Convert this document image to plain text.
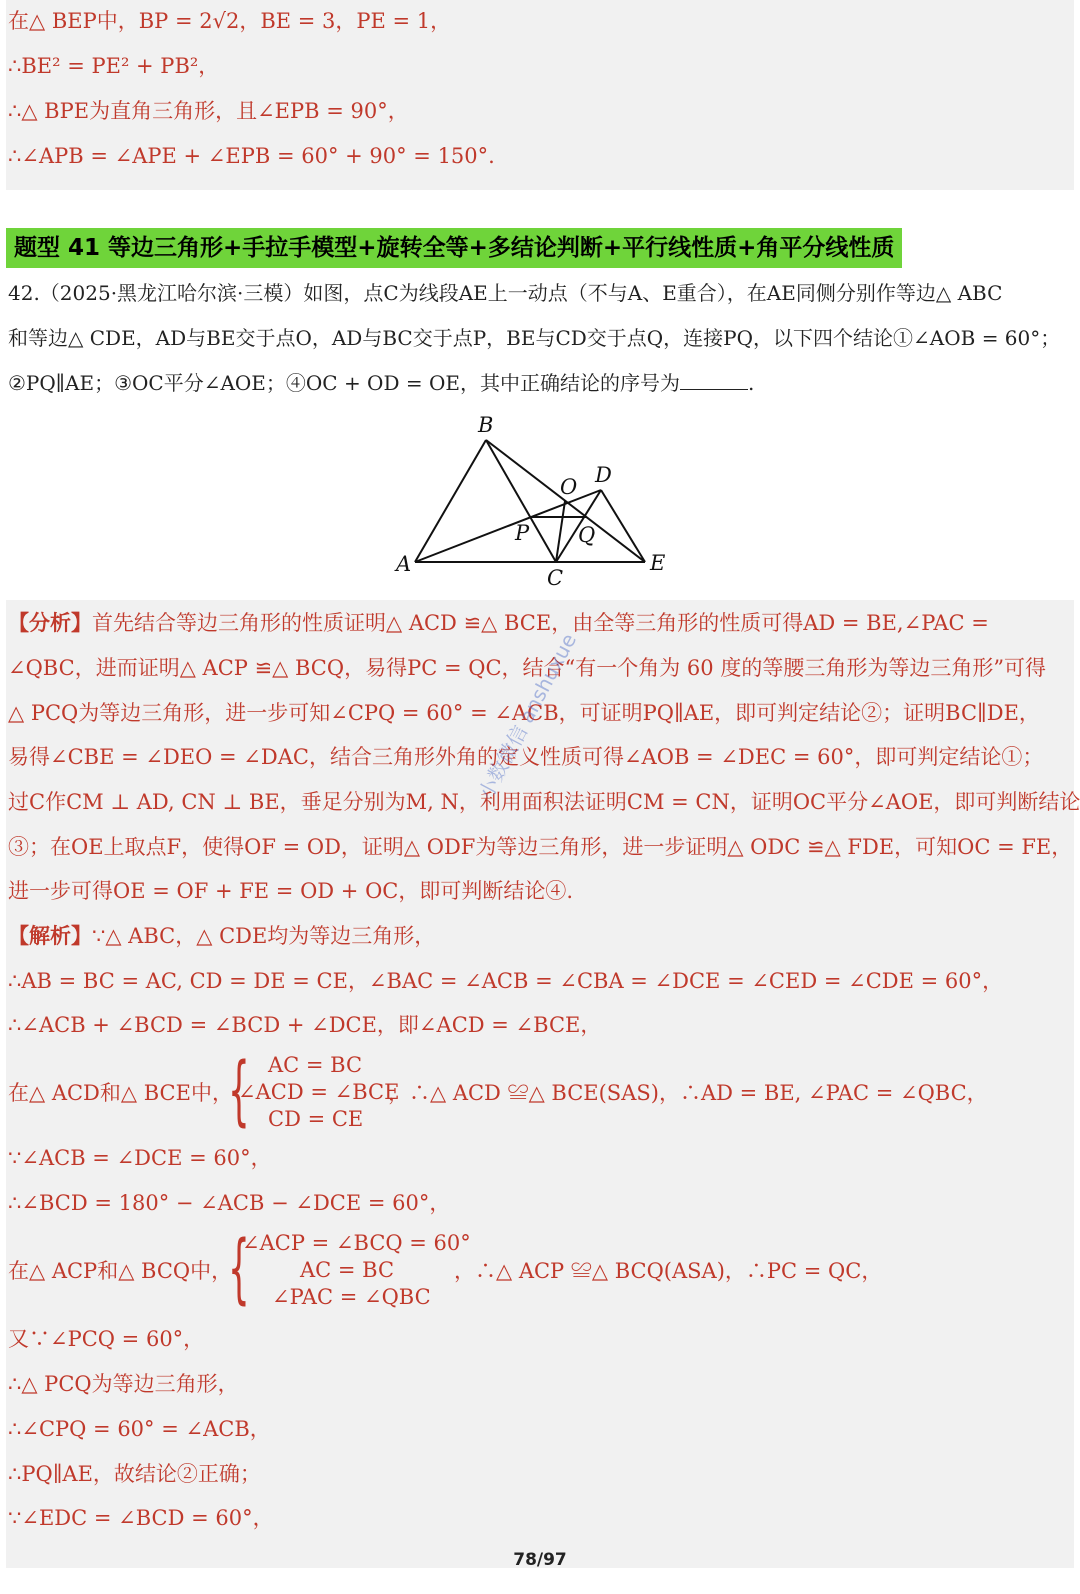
在△ BEP中，BP = 2√2，BE = 3，PE = 1，
∴BE² = PE² + PB²，
∴△ BPE为直角三角形，且∠EPB = 90°，
∴∠APB = ∠APE + ∠EPB = 60° + 90° = 150°.
题型 41 等边三角形+手拉手模型+旋转全等+多结论判断+平行线性质+角平分线性质
42.（2025·黑龙江哈尔滨·三模）如图，点C为线段AE上一动点（不与A、E重合），在AE同侧分别作等边△ ABC
和等边△ CDE，AD与BE交于点O，AD与BC交于点P，BE与CD交于点Q，连接PQ，以下四个结论①∠AOB = 60°；
②PQ∥AE；③OC平分∠AOE；④OC + OD = OE，其中正确结论的序号为	.
B
A
C
D
E
O
P Q
【分析】首先结合等边三角形的性质证明△ ACD ≌△ BCE，由全等三角形的性质可得AD = BE,∠PAC =
∠QBC，进而证明△ ACP ≌△ BCQ，易得PC = QC，结合“有一个角为 60 度的等腰三角形为等边三角形”可得
△ PCQ为等边三角形，进一步可知∠CPQ = 60° = ∠ACB，可证明PQ∥AE，即可判定结论②；证明BC∥DE，
易得∠CBE = ∠DEO = ∠DAC，结合三角形外角的定义性质可得∠AOB = ∠DEC = 60°，即可判定结论①；
过C作CM ⊥ AD, CN ⊥ BE，垂足分别为M, N，利用面积法证明CM = CN，证明OC平分∠AOE，即可判断结论
③；在OE上取点F，使得OF = OD，证明△ ODF为等边三角形，进一步证明△ ODC ≌△ FDE，可知OC = FE，
进一步可得OE = OF + FE = OD + OC，即可判断结论④.
【解析】∵△ ABC，△ CDE均为等边三角形，
∴AB = BC = AC, CD = DE = CE，∠BAC = ∠ACB = ∠CBA = ∠DCE = ∠CED = ∠CDE = 60°，
∴∠ACB + ∠BCD = ∠BCD + ∠DCE，即∠ACD = ∠BCE，
在△ ACD和△ BCE中，
{ AC = BC
∠ACD = ∠BCE
CD = CE
，∴△ ACD ≌△ BCE(SAS)，∴AD = BE, ∠PAC = ∠QBC，
∵∠ACB = ∠DCE = 60°，
∴∠BCD = 180° − ∠ACB − ∠DCE = 60°，
在△ ACP和△ BCQ中，
{
∠ACP = ∠BCQ = 60°
AC = BC
∠PAC = ∠QBC
，∴△ ACP ≌△ BCQ(ASA)，∴PC = QC，
又∵∠PCQ = 60°，
∴△ PCQ为等边三角形，
∴∠CPQ = 60° = ∠ACB，
∴PQ∥AE，故结论②正确；
∵∠EDC = ∠BCD = 60°，
小数微信 anshuxue
78/97
